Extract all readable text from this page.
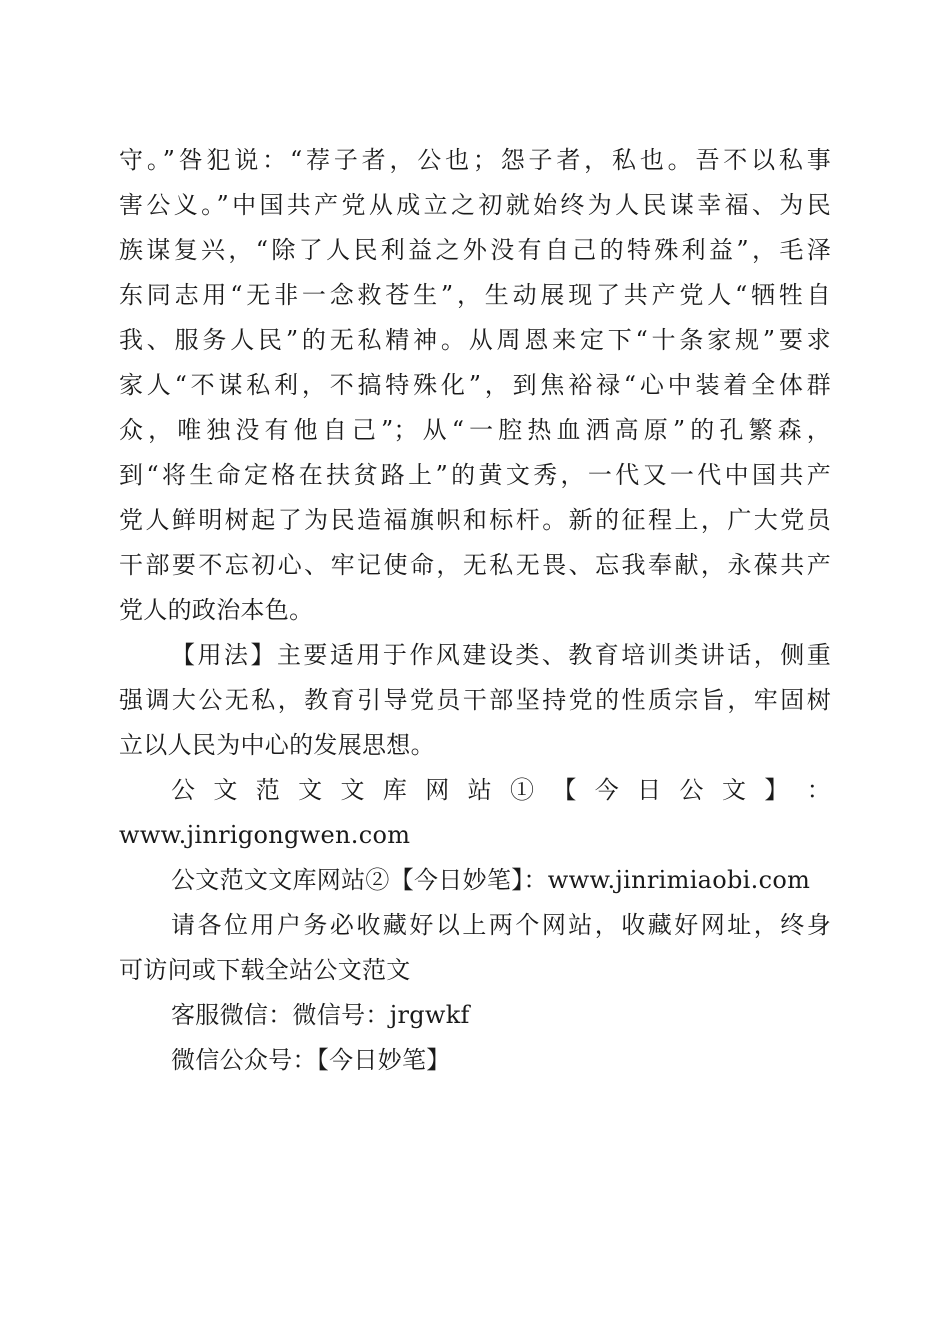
守。”咎犯说：“荐子者，公也；怨子者，私也。吾不以私事
害公义。”中国共产党从成立之初就始终为人民谋幸福、为民
族谋复兴，“除了人民利益之外没有自己的特殊利益”，毛泽
东同志用“无非一念救苍生”，生动展现了共产党人“牺牲自
我、服务人民”的无私精神。从周恩来定下“十条家规”要求
家人“不谋私利，不搞特殊化”，到焦裕禄“心中装着全体群
众，唯独没有他自己”；从“一腔热血洒高原”的孔繁森，
到“将生命定格在扶贫路上”的黄文秀，一代又一代中国共产
党人鲜明树起了为民造福旗帜和标杆。新的征程上，广大党员
干部要不忘初心、牢记使命，无私无畏、忘我奉献，永葆共产
党人的政治本色。

【用法】主要适用于作风建设类、教育培训类讲话，侧重
强调大公无私，教育引导党员干部坚持党的性质宗旨，牢固树
立以人民为中心的发展思想。

公 文 范 文 文 库 网 站 ① 【 今 日 公 文 】 ：
www.jinrigongwen.com

公文范文文库网站②【今日妙笔】：www.jinrimiaobi.com

请各位用户务必收藏好以上两个网站，收藏好网址，终身
可访问或下载全站公文范文

客服微信：微信号：jrgwkf

微信公众号：【今日妙笔】
